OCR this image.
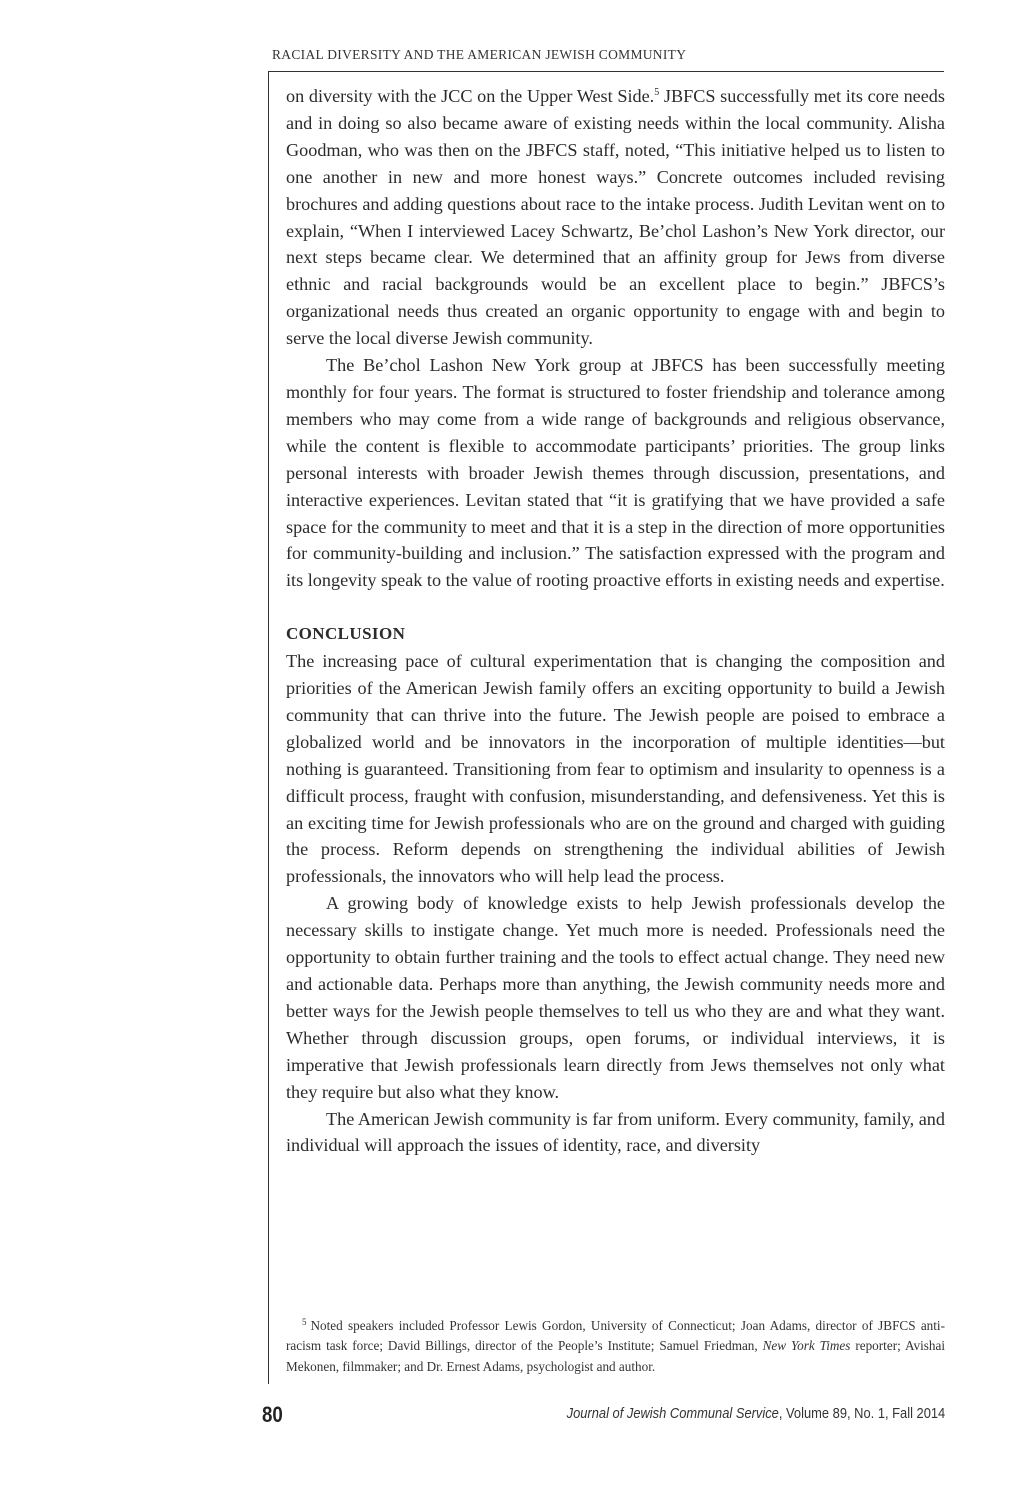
RACIAL DIVERSITY AND THE AMERICAN JEWISH COMMUNITY

on diversity with the JCC on the Upper West Side.$^5$ JBFCS successfully met its core needs and in doing so also became aware of existing needs within the local community. Alisha Goodman, who was then on the JBFCS staff, noted, “This initiative helped us to listen to one another in new and more honest ways.” Concrete outcomes included revising brochures and adding questions about race to the intake process. Judith Levitan went on to explain, “When I interviewed Lacey Schwartz, Be’chol Lashon’s New York director, our next steps became clear. We determined that an affinity group for Jews from diverse ethnic and racial backgrounds would be an excellent place to begin.” JBFCS’s organizational needs thus created an organic opportunity to engage with and begin to serve the local diverse Jewish community.

The Be’chol Lashon New York group at JBFCS has been successfully meeting monthly for four years. The format is structured to foster friendship and tolerance among members who may come from a wide range of backgrounds and religious observance, while the content is flexible to accommodate participants’ priorities. The group links personal interests with broader Jewish themes through discussion, presentations, and interactive experiences. Levitan stated that “it is gratifying that we have provided a safe space for the community to meet and that it is a step in the direction of more opportunities for community-building and inclusion.” The satisfaction expressed with the program and its longevity speak to the value of rooting proactive efforts in existing needs and expertise.

CONCLUSION

The increasing pace of cultural experimentation that is changing the composition and priorities of the American Jewish family offers an exciting opportunity to build a Jewish community that can thrive into the future. The Jewish people are poised to embrace a globalized world and be innovators in the incorporation of multiple identities—but nothing is guaranteed. Transitioning from fear to optimism and insularity to openness is a difficult process, fraught with confusion, misunderstanding, and defensiveness. Yet this is an exciting time for Jewish professionals who are on the ground and charged with guiding the process. Reform depends on strengthening the individual abilities of Jewish professionals, the innovators who will help lead the process.

A growing body of knowledge exists to help Jewish professionals develop the necessary skills to instigate change. Yet much more is needed. Professionals need the opportunity to obtain further training and the tools to effect actual change. They need new and actionable data. Perhaps more than anything, the Jewish community needs more and better ways for the Jewish people themselves to tell us who they are and what they want. Whether through discussion groups, open forums, or individual interviews, it is imperative that Jewish professionals learn directly from Jews themselves not only what they require but also what they know.

The American Jewish community is far from uniform. Every community, family, and individual will approach the issues of identity, race, and diversity

$^5$ Noted speakers included Professor Lewis Gordon, University of Connecticut; Joan Adams, director of JBFCS anti-racism task force; David Billings, director of the People’s Institute; Samuel Friedman, New York Times reporter; Avishai Mekonen, filmmaker; and Dr. Ernest Adams, psychologist and author.

80	Journal of Jewish Communal Service, Volume 89, No. 1, Fall 2014
